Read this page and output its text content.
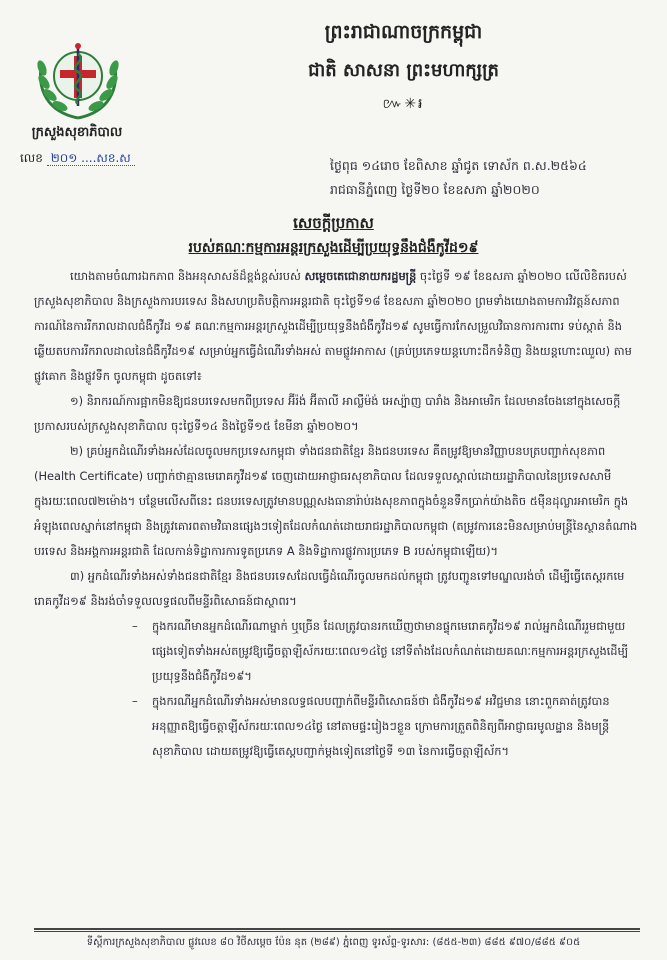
ក្រសួងសុខាភិបាល
លេខ ២០១ ....សខ.ស
ព្រះរាជាណាចក្រកម្ពុជា
ជាតិ សាសនា ព្រះមហាក្សត្រ
៚✳៛
ថ្ងៃពុធ ១៤រោច ខែពិសាខ ឆ្នាំជូត ទោស័ក ព.ស.២៥៦៤
រាជធានីភ្នំពេញ ថ្ងៃទី២០ ខែឧសភា ឆ្នាំ២០២០
សេចក្តីប្រកាស
របស់គណៈកម្មការអន្តរក្រសួងដើម្បីប្រយុទ្ធនឹងជំងឺកូវីដ១៩

យោងតាមចំណារឯកភាព និងអនុសាសន៍ដ៏ខ្ពង់ខ្ពស់របស់ សម្តេចតេជោនាយករដ្ឋមន្ត្រី ចុះថ្ងៃទី ១៩ ខែឧសភា ឆ្នាំ២០២០ លើលិខិតរបស់ក្រសួងសុខាភិបាល និងក្រសួងការបរទេស និងសហប្រតិបត្តិការអន្តរជាតិ ចុះថ្ងៃទី១៨ ខែឧសភា ឆ្នាំ២០២០ ព្រមទាំងយោងតាមការវិវត្តន៍សភាពការណ៍នៃការរីករាលដាលជំងឺកូវីដ ១៩ គណៈកម្មការអន្តរក្រសួងដើម្បីប្រយុទ្ធនឹងជំងឺកូវីដ១៩ សូមធ្វើការកែសម្រួលវិធានការការពារ ទប់ស្កាត់ និងឆ្លើយតបការរីករាលដាលនៃជំងឺកូវីដ១៩ សម្រាប់អ្នកធ្វើដំណើរទាំងអស់ តាមផ្លូវអាកាស (គ្រប់ប្រភេទយន្តហោះដឹកទំនិញ និងយន្តហោះឈួល) តាមផ្លូវគោក និងផ្លូវទឹក ចូលកម្ពុជា ដូចតទៅ៖

១) និរាករណ៍ការផ្អាកមិនឱ្យជនបរទេសមកពីប្រទេស អ៊ីរ៉ង់ អ៊ីតាលី អាល្លឺម៉ង់ អេស្ប៉ាញ បារាំង និងអាមេរិក ដែលមានចែងនៅក្នុងសេចក្តីប្រកាសរបស់ក្រសួងសុខាភិបាល ចុះថ្ងៃទី១៤ និងថ្ងៃទី១៥ ខែមីនា ឆ្នាំ២០២០។

២) គ្រប់អ្នកដំណើរទាំងអស់ដែលចូលមកប្រទេសកម្ពុជា ទាំងជនជាតិខ្មែរ និងជនបរទេស គឺតម្រូវឱ្យមានវិញ្ញាបនបត្របញ្ជាក់សុខភាព (Health Certificate) បញ្ជាក់ថាគ្មានមេរោគកូវីដ១៩ ចេញដោយអាជ្ញាធរសុខាភិបាល ដែលទទួលស្គាល់ដោយរដ្ឋាភិបាលនៃប្រទេសសាមី ក្នុងរយៈពេល៧២ម៉ោង។ បន្ថែមលើសពីនេះ ជនបរទេសត្រូវមានបណ្ណសងធានារ៉ាប់រងសុខភាពក្នុងចំនួនទឹកប្រាក់យ៉ាងតិច ៥ម៉ឺនដុល្លារអាមេរិក ក្នុងអំឡុងពេលស្នាក់នៅកម្ពុជា និងត្រូវគោរពតាមវិធានផ្សេងៗទៀតដែលកំណត់ដោយរាជរដ្ឋាភិបាលកម្ពុជា (តម្រូវការនេះមិនសម្រាប់មន្ត្រីនៃស្ថានតំណាងបរទេស និងអង្គការអន្តរជាតិ ដែលកាន់ទិដ្ឋាការការទូតប្រភេទ A និងទិដ្ឋាការផ្លូវការប្រភេទ B របស់កម្ពុជាឡើយ)។

៣) អ្នកដំណើរទាំងអស់ទាំងជនជាតិខ្មែរ និងជនបរទេសដែលធ្វើដំណើរចូលមកដល់កម្ពុជា ត្រូវបញ្ជូនទៅមណ្ឌលរង់ចាំ ដើម្បីធ្វើតេស្តរកមេរោគកូវីដ១៩ និងរង់ចាំទទួលលទ្ធផលពីមន្ទីរពិសោធន៍ជាស្ថាពរ។

– ក្នុងករណីមានអ្នកដំណើរណាម្នាក់ ឬច្រើន ដែលត្រូវបានរកឃើញថាមានផ្ទុកមេរោគកូវីដ១៩ រាល់អ្នកដំណើររួមជាមួយផ្សេងទៀតទាំងអស់តម្រូវឱ្យធ្វើចត្តាឡីស័ករយៈពេល១៤ថ្ងៃ នៅទីតាំងដែលកំណត់ដោយគណៈកម្មការអន្តរក្រសួងដើម្បីប្រយុទ្ធនឹងជំងឺកូវីដ១៩។

– ក្នុងករណីអ្នកដំណើរទាំងអស់មានលទ្ធផលបញ្ជាក់ពីមន្ទីរពិសោធន៍ថា ជំងឺកូវីដ១៩ អវិជ្ជមាន នោះពួកគាត់ត្រូវបានអនុញ្ញាតឱ្យធ្វើចត្តាឡីស័ករយៈពេល១៤ថ្ងៃ នៅតាមផ្ទះរៀងៗខ្លួន ក្រោមការត្រួតពិនិត្យពីអាជ្ញាធរមូលដ្ឋាន និងមន្ត្រីសុខាភិបាល ដោយតម្រូវឱ្យធ្វើតេស្តបញ្ជាក់ម្តងទៀតនៅថ្ងៃទី ១៣ នៃការធ្វើចត្តាឡីស័ក។

ទីស្តីការក្រសួងសុខាភិបាល ផ្លូវលេខ ៨០ វិថីសម្តេច ប៉ែន នុត (២៨៩) ភ្នំពេញ ទូរស័ព្ទ-ទូរសារ: (៨៥៥-២៣) ៨៨៥ ៩៧០/៨៨៥ ៩០៥
